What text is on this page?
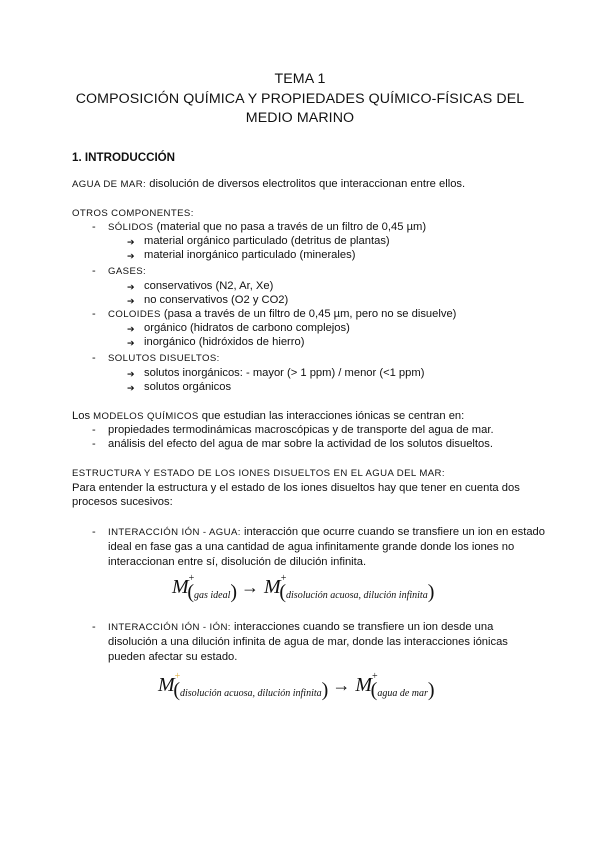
TEMA 1
COMPOSICIÓN QUÍMICA Y PROPIEDADES QUÍMICO-FÍSICAS DEL
MEDIO MARINO
1. INTRODUCCIÓN
AGUA DE MAR: disolución de diversos electrolitos que interaccionan entre ellos.
OTROS COMPONENTES:
- SÓLIDOS (material que no pasa a través de un filtro de 0,45 µm)
➔ material orgánico particulado (detritus de plantas)
➔ material inorgánico particulado (minerales)
- GASES:
➔ conservativos (N2, Ar, Xe)
➔ no conservativos (O2 y CO2)
- COLOIDES (pasa a través de un filtro de 0,45 µm, pero no se disuelve)
➔ orgánico (hidratos de carbono complejos)
➔ inorgánico (hidróxidos de hierro)
- SOLUTOS DISUELTOS:
➔ solutos inorgánicos: - mayor (> 1 ppm) / menor (<1 ppm)
➔ solutos orgánicos
Los MODELOS QUÍMICOS que estudian las interacciones iónicas se centran en:
- propiedades termodinámicas macroscópicas y de transporte del agua de mar.
- análisis del efecto del agua de mar sobre la actividad de los solutos disueltos.
ESTRUCTURA Y ESTADO DE LOS IONES DISUELTOS EN EL AGUA DEL MAR:
Para entender la estructura y el estado de los iones disueltos hay que tener en cuenta dos
procesos sucesivos:
- INTERACCIÓN IÓN - AGUA: interacción que ocurre cuando se transfiere un ion en estado
ideal en fase gas a una cantidad de agua infinitamente grande donde los iones no
interaccionan entre sí, disolución de dilución infinita.
$M^+(_{gas ideal}) \to M^+(_{disolución acuosa, dilución infinita})$
- INTERACCIÓN IÓN - IÓN: interacciones cuando se transfiere un ion desde una
disolución a una dilución infinita de agua de mar, donde las interacciones iónicas
pueden afectar su estado.
$M^+(_{disolución acuosa, dilución infinita}) \to M^+(_{agua de mar})$
